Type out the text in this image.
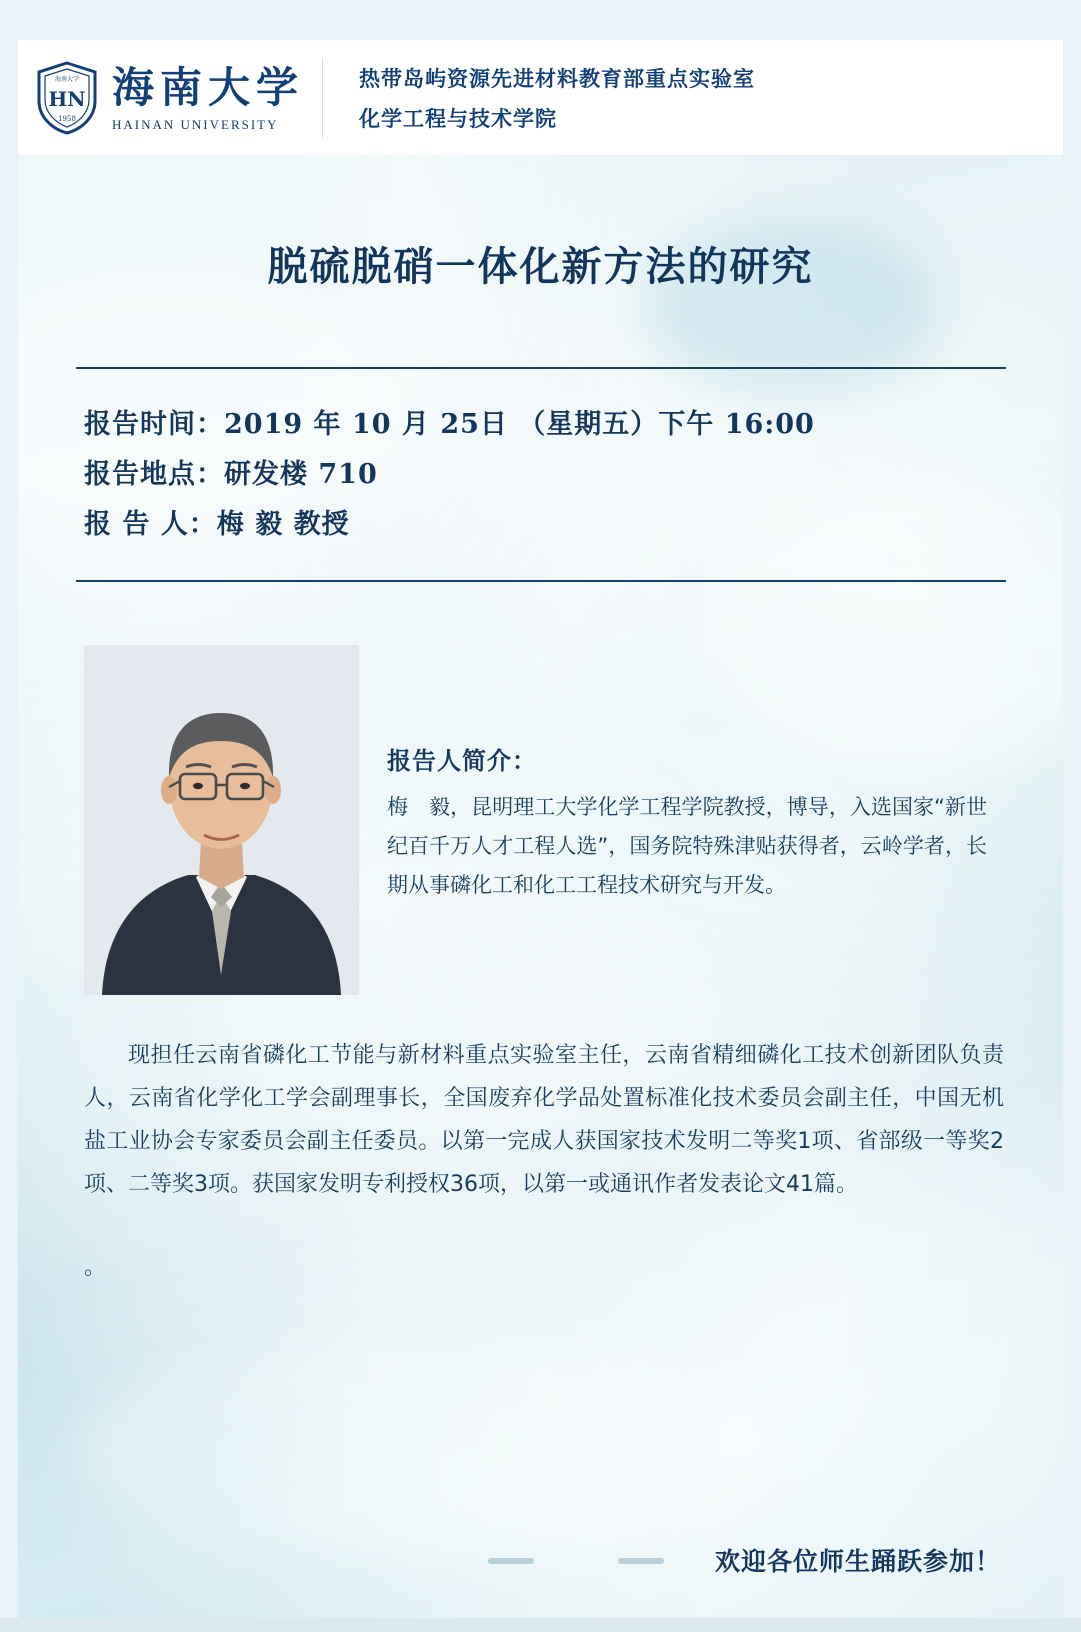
海南大学
HN
1958
海南大学
HAINAN UNIVERSITY
热带岛屿资源先进材料教育部重点实验室
化学工程与技术学院
脱硫脱硝一体化新方法的研究
报告时间：2019 年 10 月 25日 （星期五）下午 16:00
报告地点：研发楼 710
报 告 人：梅 毅 教授
报告人简介：
梅　毅，昆明理工大学化学工程学院教授，博导，入选国家“新世纪百千万人才工程人选”，国务院特殊津贴获得者，云岭学者，长期从事磷化工和化工工程技术研究与开发。
现担任云南省磷化工节能与新材料重点实验室主任，云南省精细磷化工技术创新团队负责人，云南省化学化工学会副理事长，全国废弃化学品处置标准化技术委员会副主任，中国无机盐工业协会专家委员会副主任委员。以第一完成人获国家技术发明二等奖1项、省部级一等奖2项、二等奖3项。获国家发明专利授权36项，以第一或通讯作者发表论文41篇。
。
欢迎各位师生踊跃参加！
